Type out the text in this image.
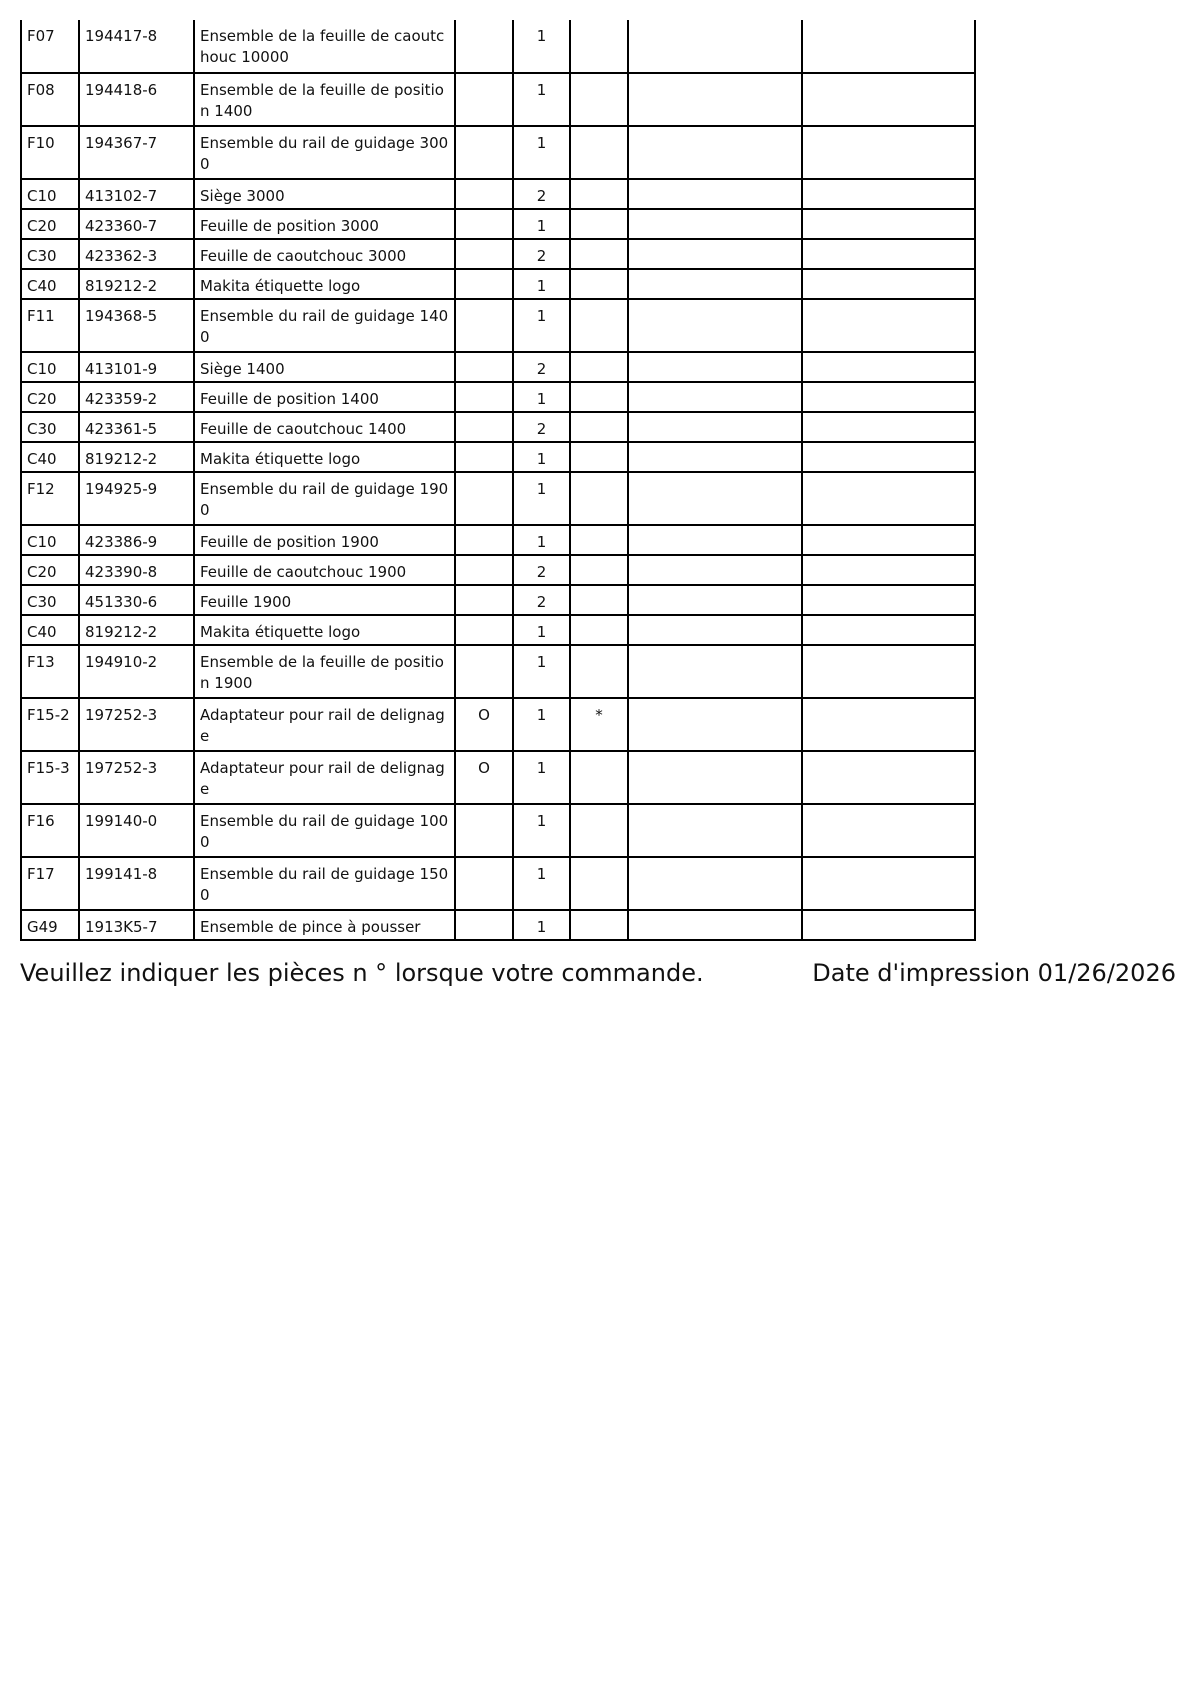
F07	194417-8	Ensemble de la feuille de caoutchouc 10000		1			
F08	194418-6	Ensemble de la feuille de position 1400		1			
F10	194367-7	Ensemble du rail de guidage 3000		1			
C10	413102-7	Siège 3000		2			
C20	423360-7	Feuille de position 3000		1			
C30	423362-3	Feuille de caoutchouc 3000		2			
C40	819212-2	Makita étiquette logo		1			
F11	194368-5	Ensemble du rail de guidage 1400		1			
C10	413101-9	Siège 1400		2			
C20	423359-2	Feuille de position 1400		1			
C30	423361-5	Feuille de caoutchouc 1400		2			
C40	819212-2	Makita étiquette logo		1			
F12	194925-9	Ensemble du rail de guidage 1900		1			
C10	423386-9	Feuille de position 1900		1			
C20	423390-8	Feuille de caoutchouc 1900		2			
C30	451330-6	Feuille 1900		2			
C40	819212-2	Makita étiquette logo		1			
F13	194910-2	Ensemble de la feuille de position 1900		1			
F15-2	197252-3	Adaptateur pour rail de delignage	O	1	*		
F15-3	197252-3	Adaptateur pour rail de delignage	O	1			
F16	199140-0	Ensemble du rail de guidage 1000		1			
F17	199141-8	Ensemble du rail de guidage 1500		1			
G49	1913K5-7	Ensemble de pince à pousser		1			
Veuillez indiquer les pièces n ° lorsque votre commande.	Date d'impression 01/26/2026
